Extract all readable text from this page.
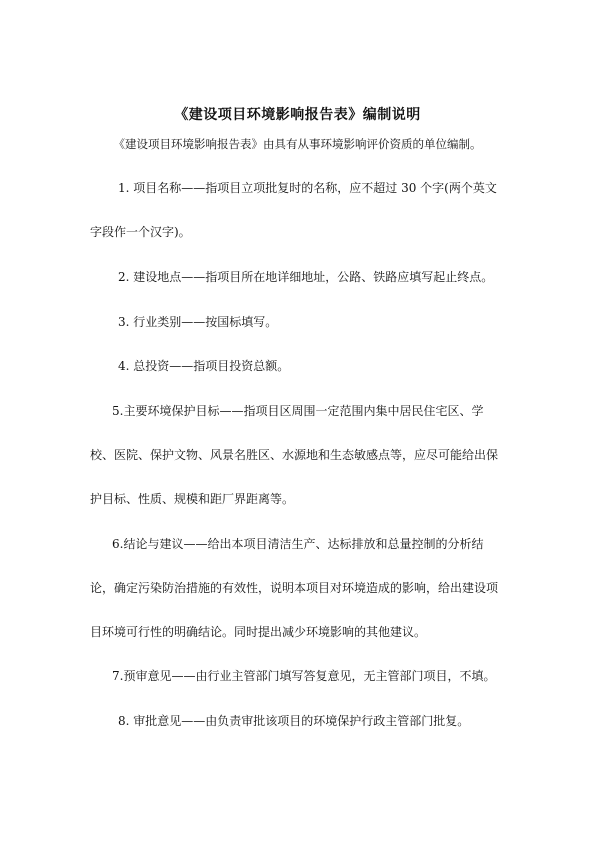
《建设项目环境影响报告表》编制说明
《建设项目环境影响报告表》由具有从事环境影响评价资质的单位编制。
1. 项目名称——指项目立项批复时的名称，应不超过 30 个字(两个英文
字段作一个汉字)。
2. 建设地点——指项目所在地详细地址，公路、铁路应填写起止终点。
3. 行业类别——按国标填写。
4. 总投资——指项目投资总额。
5.主要环境保护目标——指项目区周围一定范围内集中居民住宅区、学
校、医院、保护文物、风景名胜区、水源地和生态敏感点等，应尽可能给出保
护目标、性质、规模和距厂界距离等。
6.结论与建议——给出本项目清洁生产、达标排放和总量控制的分析结
论，确定污染防治措施的有效性，说明本项目对环境造成的影响，给出建设项
目环境可行性的明确结论。同时提出减少环境影响的其他建议。
7.预审意见——由行业主管部门填写答复意见，无主管部门项目，不填。
8. 审批意见——由负责审批该项目的环境保护行政主管部门批复。
